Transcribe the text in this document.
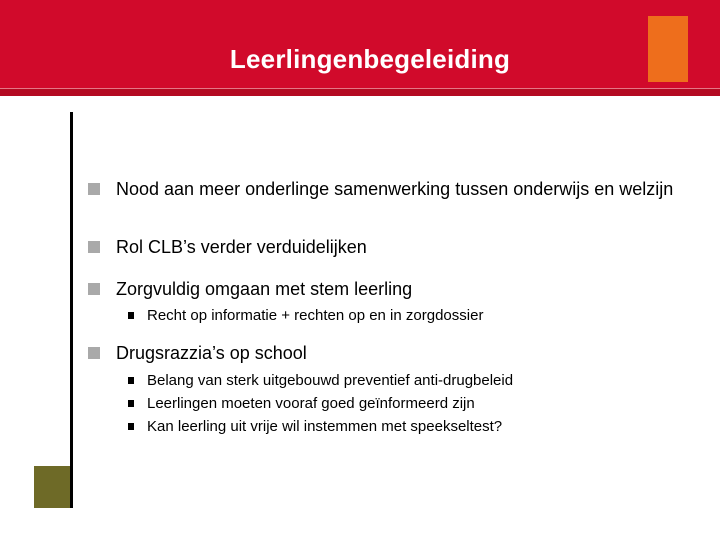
Leerlingenbegeleiding
Nood aan meer onderlinge samenwerking tussen onderwijs en welzijn
Rol CLB’s verder verduidelijken
Zorgvuldig omgaan met stem leerling
Recht op informatie + rechten op en in zorgdossier
Drugsrazzia’s op school
Belang van sterk uitgebouwd preventief anti-drugbeleid
Leerlingen moeten vooraf goed geïnformeerd zijn
Kan leerling uit vrije wil instemmen met speekseltest?
